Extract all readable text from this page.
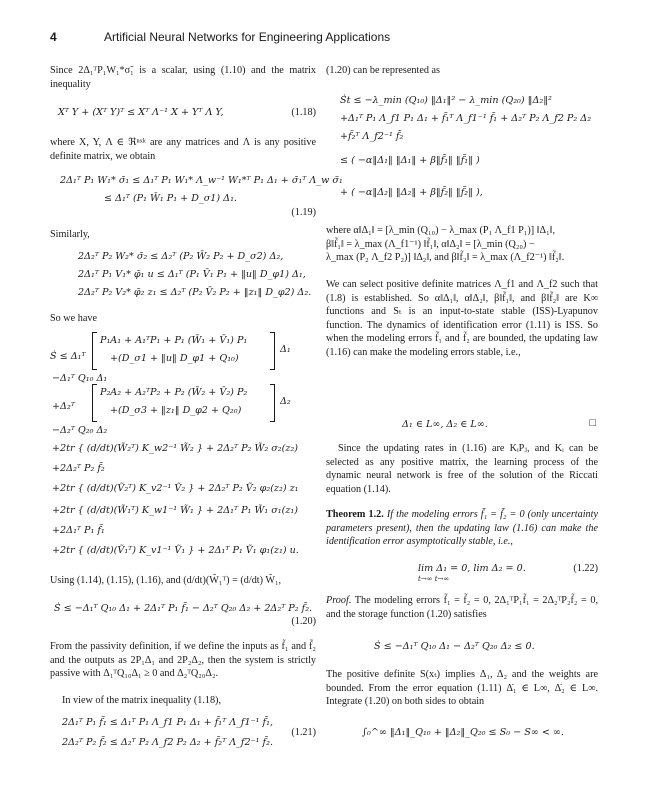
4	Artificial Neural Networks for Engineering Applications

Since 2Δ₁ᵀP₁W₁*σ̃₁ is a scalar, using (1.10) and the matrix inequality

Xᵀ Y + (Xᵀ Y)ᵀ ≤ Xᵀ Λ⁻¹ X + Yᵀ Λ Y,	(1.18)

where X, Y, Λ ∈ ℜⁿˣᵏ are any matrices and Λ is any positive definite matrix, we obtain

2Δ₁ᵀ P₁ W₁* σ̃₁ ≤ Δ₁ᵀ P₁ W₁* Λ_w⁻¹ W₁*ᵀ P₁ Δ₁ + σ̃₁ᵀ Λ_w σ̃₁
≤ Δ₁ᵀ (P₁ W̄₁ P₁ + D_σ1) Δ₁.
(1.19)

Similarly,

2Δ₂ᵀ P₂ W₂* σ̃₂ ≤ Δ₂ᵀ (P₂ W̄₂ P₂ + D_σ2) Δ₂,
2Δ₁ᵀ P₁ V₁* φ̃₁ u ≤ Δ₁ᵀ (P₁ V̄₁ P₁ + ‖u‖ D_φ1) Δ₁,
2Δ₂ᵀ P₂ V₂* φ̃₂ z₁ ≤ Δ₂ᵀ (P₂ V̄₂ P₂ + ‖z₁‖ D_φ2) Δ₂.

So we have

Ṡ ≤ Δ₁ᵀ
P₁A₁ + A₁ᵀP₁ + P₁ (W̄₁ + V̄₁) P₁
+(D_σ1 + ‖u‖ D_φ1 + Q₁₀)
Δ₁
−Δ₁ᵀ Q₁₀ Δ₁
+Δ₂ᵀ
P₂A₂ + A₂ᵀP₂ + P₂ (W̄₂ + V̄₂) P₂
+(D_σ3 + ‖z₁‖ D_φ2 + Q₂₀)
Δ₂
−Δ₂ᵀ Q₂₀ Δ₂
+2tr { (d/dt)(W̃₂ᵀ) K_w2⁻¹ W̃₂ } + 2Δ₂ᵀ P₂ W̃₂ σ₂(z₂)
+2Δ₂ᵀ P₂ f̃₂
+2tr { (d/dt)(Ṽ₂ᵀ) K_v2⁻¹ Ṽ₂ } + 2Δ₂ᵀ P₂ Ṽ₂ φ₂(z₂) z₁
+2tr { (d/dt)(W̃₁ᵀ) K_w1⁻¹ W̃₁ } + 2Δ₁ᵀ P₁ W̃₁ σ₁(z₁)
+2Δ₁ᵀ P₁ f̃₁
+2tr { (d/dt)(Ṽ₁ᵀ) K_v1⁻¹ Ṽ₁ } + 2Δ₁ᵀ P₁ Ṽ₁ φ₁(z₁) u.

Using (1.14), (1.15), (1.16), and (d/dt)(W̃₁ᵀ) = (d/dt) W̃₁,

Ṡ ≤ −Δ₁ᵀ Q₁₀ Δ₁ + 2Δ₁ᵀ P₁ f̃₁ − Δ₂ᵀ Q₂₀ Δ₂ + 2Δ₂ᵀ P₂ f̃₂.
(1.20)

From the passivity definition, if we define the inputs as f̃₁ and f̃₂ and the outputs as 2P₁Δ₁ and 2P₂Δ₂, then the system is strictly passive with Δ₁ᵀQ₁₀Δ₁ ≥ 0 and Δ₂ᵀQ₂₀Δ₂.

In view of the matrix inequality (1.18),

2Δ₁ᵀ P₁ f̃₁ ≤ Δ₁ᵀ P₁ Λ_f1 P₁ Δ₁ + f̃₁ᵀ Λ_f1⁻¹ f̃₁,
2Δ₂ᵀ P₂ f̃₂ ≤ Δ₂ᵀ P₂ Λ_f2 P₂ Δ₂ + f̃₂ᵀ Λ_f2⁻¹ f̃₂.
(1.21)

(1.20) can be represented as

Ṡt ≤ −λ_min (Q₁₀) ‖Δ₁‖² − λ_min (Q₂₀) ‖Δ₂‖²
+Δ₁ᵀ P₁ Λ_f1 P₁ Δ₁ + f̃₁ᵀ Λ_f1⁻¹ f̃₁ + Δ₂ᵀ P₂ Λ_f2 P₂ Δ₂
+f̃₂ᵀ Λ_f2⁻¹ f̃₂
≤ ( −α‖Δ₁‖ ‖Δ₁‖ + β‖f̃₁‖ ‖f̃₁‖ )
+ ( −α‖Δ₂‖ ‖Δ₂‖ + β‖f̃₂‖ ‖f̃₂‖ ),

where α‖Δ₁‖ = [λ_min (Q₁₀) − λ_max (P₁ Λ_f1 P₁)] ‖Δ₁‖,

β‖f̃₁‖ = λ_max (Λ_f1⁻¹) ‖f̃₁‖, α‖Δ₂‖ = [λ_min (Q₂₀) −

λ_max (P₂ Λ_f2 P₂)] ‖Δ₂‖, and β‖f̃₂‖ = λ_max (Λ_f2⁻¹) ‖f̃₂‖.

We can select positive definite matrices Λ_f1 and Λ_f2 such that (1.8) is established. So α‖Δ₁‖, α‖Δ₂‖, β‖f̃₁‖, and β‖f̃₂‖ are K∞ functions and Sₜ is an input-to-state stable (ISS)-Lyapunov function. The dynamics of identification error (1.11) is ISS. So when the modeling errors f̃₁ and f̃₂ are bounded, the updating law (1.16) can make the modeling errors stable, i.e.,

Δ₁ ∈ L∞, Δ₂ ∈ L∞.	□

Since the updating rates in (1.16) are KᵢPⱼ, and Kᵢ can be selected as any positive matrix, the learning process of the dynamic neural network is free of the solution of the Riccati equation (1.14).

Theorem 1.2. If the modeling errors f̃₁ = f̃₂ = 0 (only uncertainty parameters present), then the updating law (1.16) can make the identification error asymptotically stable, i.e.,

lim Δ₁ = 0, lim Δ₂ = 0.
t→∞ t→∞
(1.22)

Proof. The modeling errors f̃₁ = f̃₂ = 0, 2Δ₁ᵀP₁f̃₁ = 2Δ₂ᵀP₂f̃₂ = 0, and the storage function (1.20) satisfies

Ṡ ≤ −Δ₁ᵀ Q₁₀ Δ₁ − Δ₂ᵀ Q₂₀ Δ₂ ≤ 0.

The positive definite S(xₜ) implies Δ₁, Δ₂ and the weights are bounded. From the error equation (1.11) Δ̇₁ ∈ L∞, Δ̇₂ ∈ L∞. Integrate (1.20) on both sides to obtain

∫₀^∞ ‖Δ₁‖_Q₁₀ + ‖Δ₂‖_Q₂₀ ≤ S₀ − S∞ < ∞.
